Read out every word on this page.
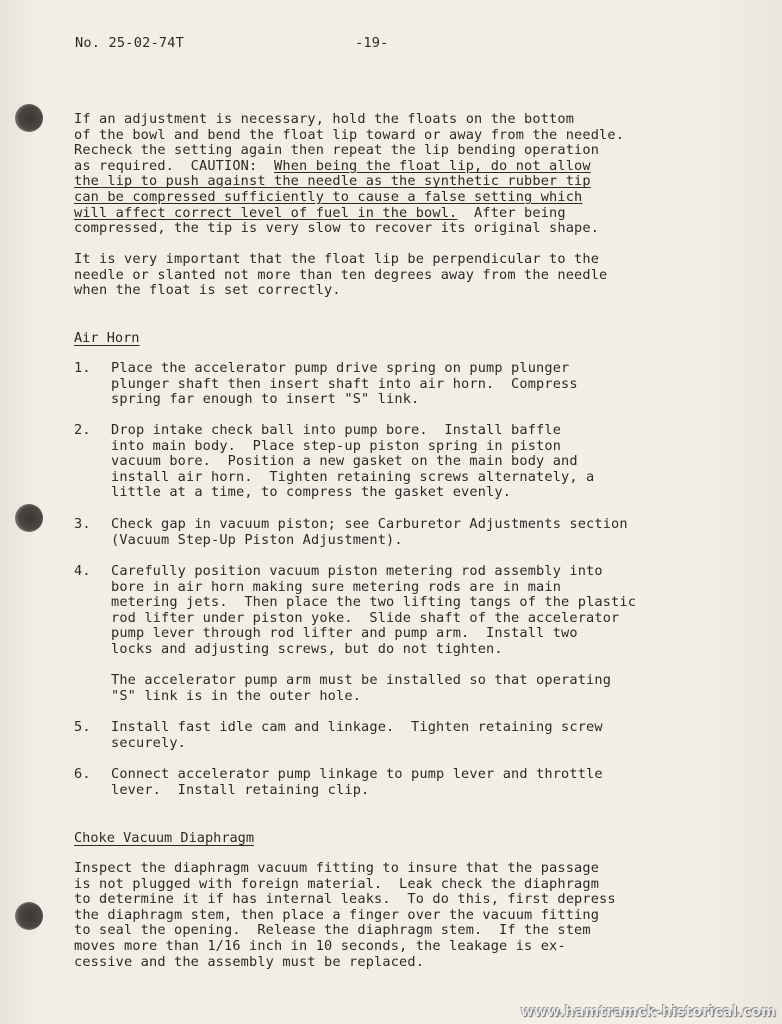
No. 25-02-74T	-19-
If an adjustment is necessary, hold the floats on the bottom
of the bowl and bend the float lip toward or away from the needle.
Recheck the setting again then repeat the lip bending operation
as required.  CAUTION:  When being the float lip, do not allow
the lip to push against the needle as the synthetic rubber tip
can be compressed sufficiently to cause a false setting which
will affect correct level of fuel in the bowl.  After being
compressed, the tip is very slow to recover its original shape.
It is very important that the float lip be perpendicular to the
needle or slanted not more than ten degrees away from the needle
when the float is set correctly.
Air Horn
1. Place the accelerator pump drive spring on pump plunger
plunger shaft then insert shaft into air horn.  Compress
spring far enough to insert "S" link.
2. Drop intake check ball into pump bore.  Install baffle
into main body.  Place step-up piston spring in piston
vacuum bore.  Position a new gasket on the main body and
install air horn.  Tighten retaining screws alternately, a
little at a time, to compress the gasket evenly.
3. Check gap in vacuum piston; see Carburetor Adjustments section
(Vacuum Step-Up Piston Adjustment).
4. Carefully position vacuum piston metering rod assembly into
bore in air horn making sure metering rods are in main
metering jets.  Then place the two lifting tangs of the plastic
rod lifter under piston yoke.  Slide shaft of the accelerator
pump lever through rod lifter and pump arm.  Install two
locks and adjusting screws, but do not tighten.
The accelerator pump arm must be installed so that operating
"S" link is in the outer hole.
5. Install fast idle cam and linkage.  Tighten retaining screw
securely.
6. Connect accelerator pump linkage to pump lever and throttle
lever.  Install retaining clip.
Choke Vacuum Diaphragm
Inspect the diaphragm vacuum fitting to insure that the passage
is not plugged with foreign material.  Leak check the diaphragm
to determine it if has internal leaks.  To do this, first depress
the diaphragm stem, then place a finger over the vacuum fitting
to seal the opening.  Release the diaphragm stem.  If the stem
moves more than 1/16 inch in 10 seconds, the leakage is ex-
cessive and the assembly must be replaced.
www.hamtramck-historical.com
